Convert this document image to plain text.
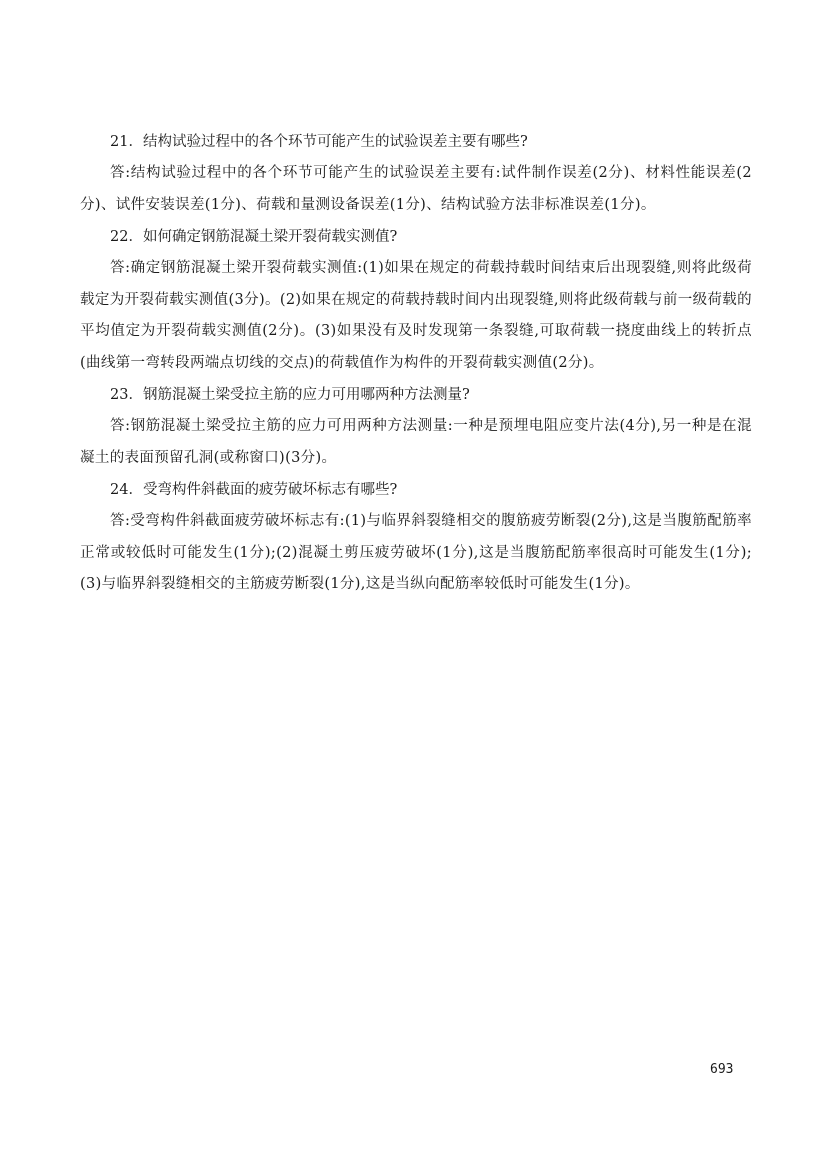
21．结构试验过程中的各个环节可能产生的试验误差主要有哪些?

答:结构试验过程中的各个环节可能产生的试验误差主要有:试件制作误差(2分)、材料性能误差(2分)、试件安装误差(1分)、荷载和量测设备误差(1分)、结构试验方法非标准误差(1分)。

22．如何确定钢筋混凝土梁开裂荷载实测值?

答:确定钢筋混凝土梁开裂荷载实测值:(1)如果在规定的荷载持载时间结束后出现裂缝,则将此级荷载定为开裂荷载实测值(3分)。(2)如果在规定的荷载持载时间内出现裂缝,则将此级荷载与前一级荷载的平均值定为开裂荷载实测值(2分)。(3)如果没有及时发现第一条裂缝,可取荷载一挠度曲线上的转折点(曲线第一弯转段两端点切线的交点)的荷载值作为构件的开裂荷载实测值(2分)。

23．钢筋混凝土梁受拉主筋的应力可用哪两种方法测量?

答:钢筋混凝土梁受拉主筋的应力可用两种方法测量:一种是预埋电阻应变片法(4分),另一种是在混凝土的表面预留孔洞(或称窗口)(3分)。

24．受弯构件斜截面的疲劳破坏标志有哪些?

答:受弯构件斜截面疲劳破坏标志有:(1)与临界斜裂缝相交的腹筋疲劳断裂(2分),这是当腹筋配筋率正常或较低时可能发生(1分);(2)混凝土剪压疲劳破坏(1分),这是当腹筋配筋率很高时可能发生(1分);(3)与临界斜裂缝相交的主筋疲劳断裂(1分),这是当纵向配筋率较低时可能发生(1分)。

693
